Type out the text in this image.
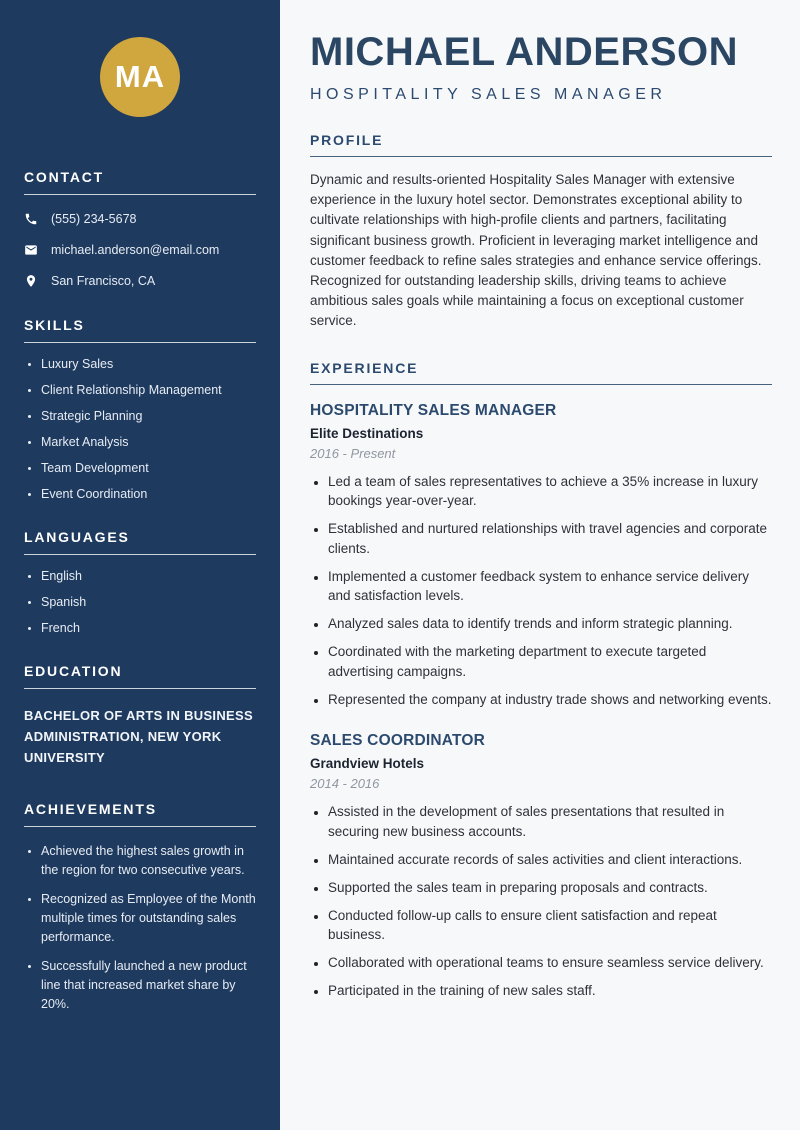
MA
CONTACT
(555) 234-5678
michael.anderson@email.com
San Francisco, CA
SKILLS
• Luxury Sales
• Client Relationship Management
• Strategic Planning
• Market Analysis
• Team Development
• Event Coordination
LANGUAGES
• English
• Spanish
• French
EDUCATION

BACHELOR OF ARTS IN BUSINESS ADMINISTRATION, NEW YORK UNIVERSITY

ACHIEVEMENTS
• Achieved the highest sales growth in the region for two consecutive years.
• Recognized as Employee of the Month multiple times for outstanding sales performance.
• Successfully launched a new product line that increased market share by 20%.
MICHAEL ANDERSON
HOSPITALITY SALES MANAGER
PROFILE

Dynamic and results-oriented Hospitality Sales Manager with extensive experience in the luxury hotel sector. Demonstrates exceptional ability to cultivate relationships with high-profile clients and partners, facilitating significant business growth. Proficient in leveraging market intelligence and customer feedback to refine sales strategies and enhance service offerings. Recognized for outstanding leadership skills, driving teams to achieve ambitious sales goals while maintaining a focus on exceptional customer service.

EXPERIENCE
HOSPITALITY SALES MANAGER
Elite Destinations
2016 - Present
• Led a team of sales representatives to achieve a 35% increase in luxury bookings year-over-year.
• Established and nurtured relationships with travel agencies and corporate clients.
• Implemented a customer feedback system to enhance service delivery and satisfaction levels.
• Analyzed sales data to identify trends and inform strategic planning.
• Coordinated with the marketing department to execute targeted advertising campaigns.
• Represented the company at industry trade shows and networking events.
SALES COORDINATOR
Grandview Hotels
2014 - 2016
• Assisted in the development of sales presentations that resulted in securing new business accounts.
• Maintained accurate records of sales activities and client interactions.
• Supported the sales team in preparing proposals and contracts.
• Conducted follow-up calls to ensure client satisfaction and repeat business.
• Collaborated with operational teams to ensure seamless service delivery.
• Participated in the training of new sales staff.
